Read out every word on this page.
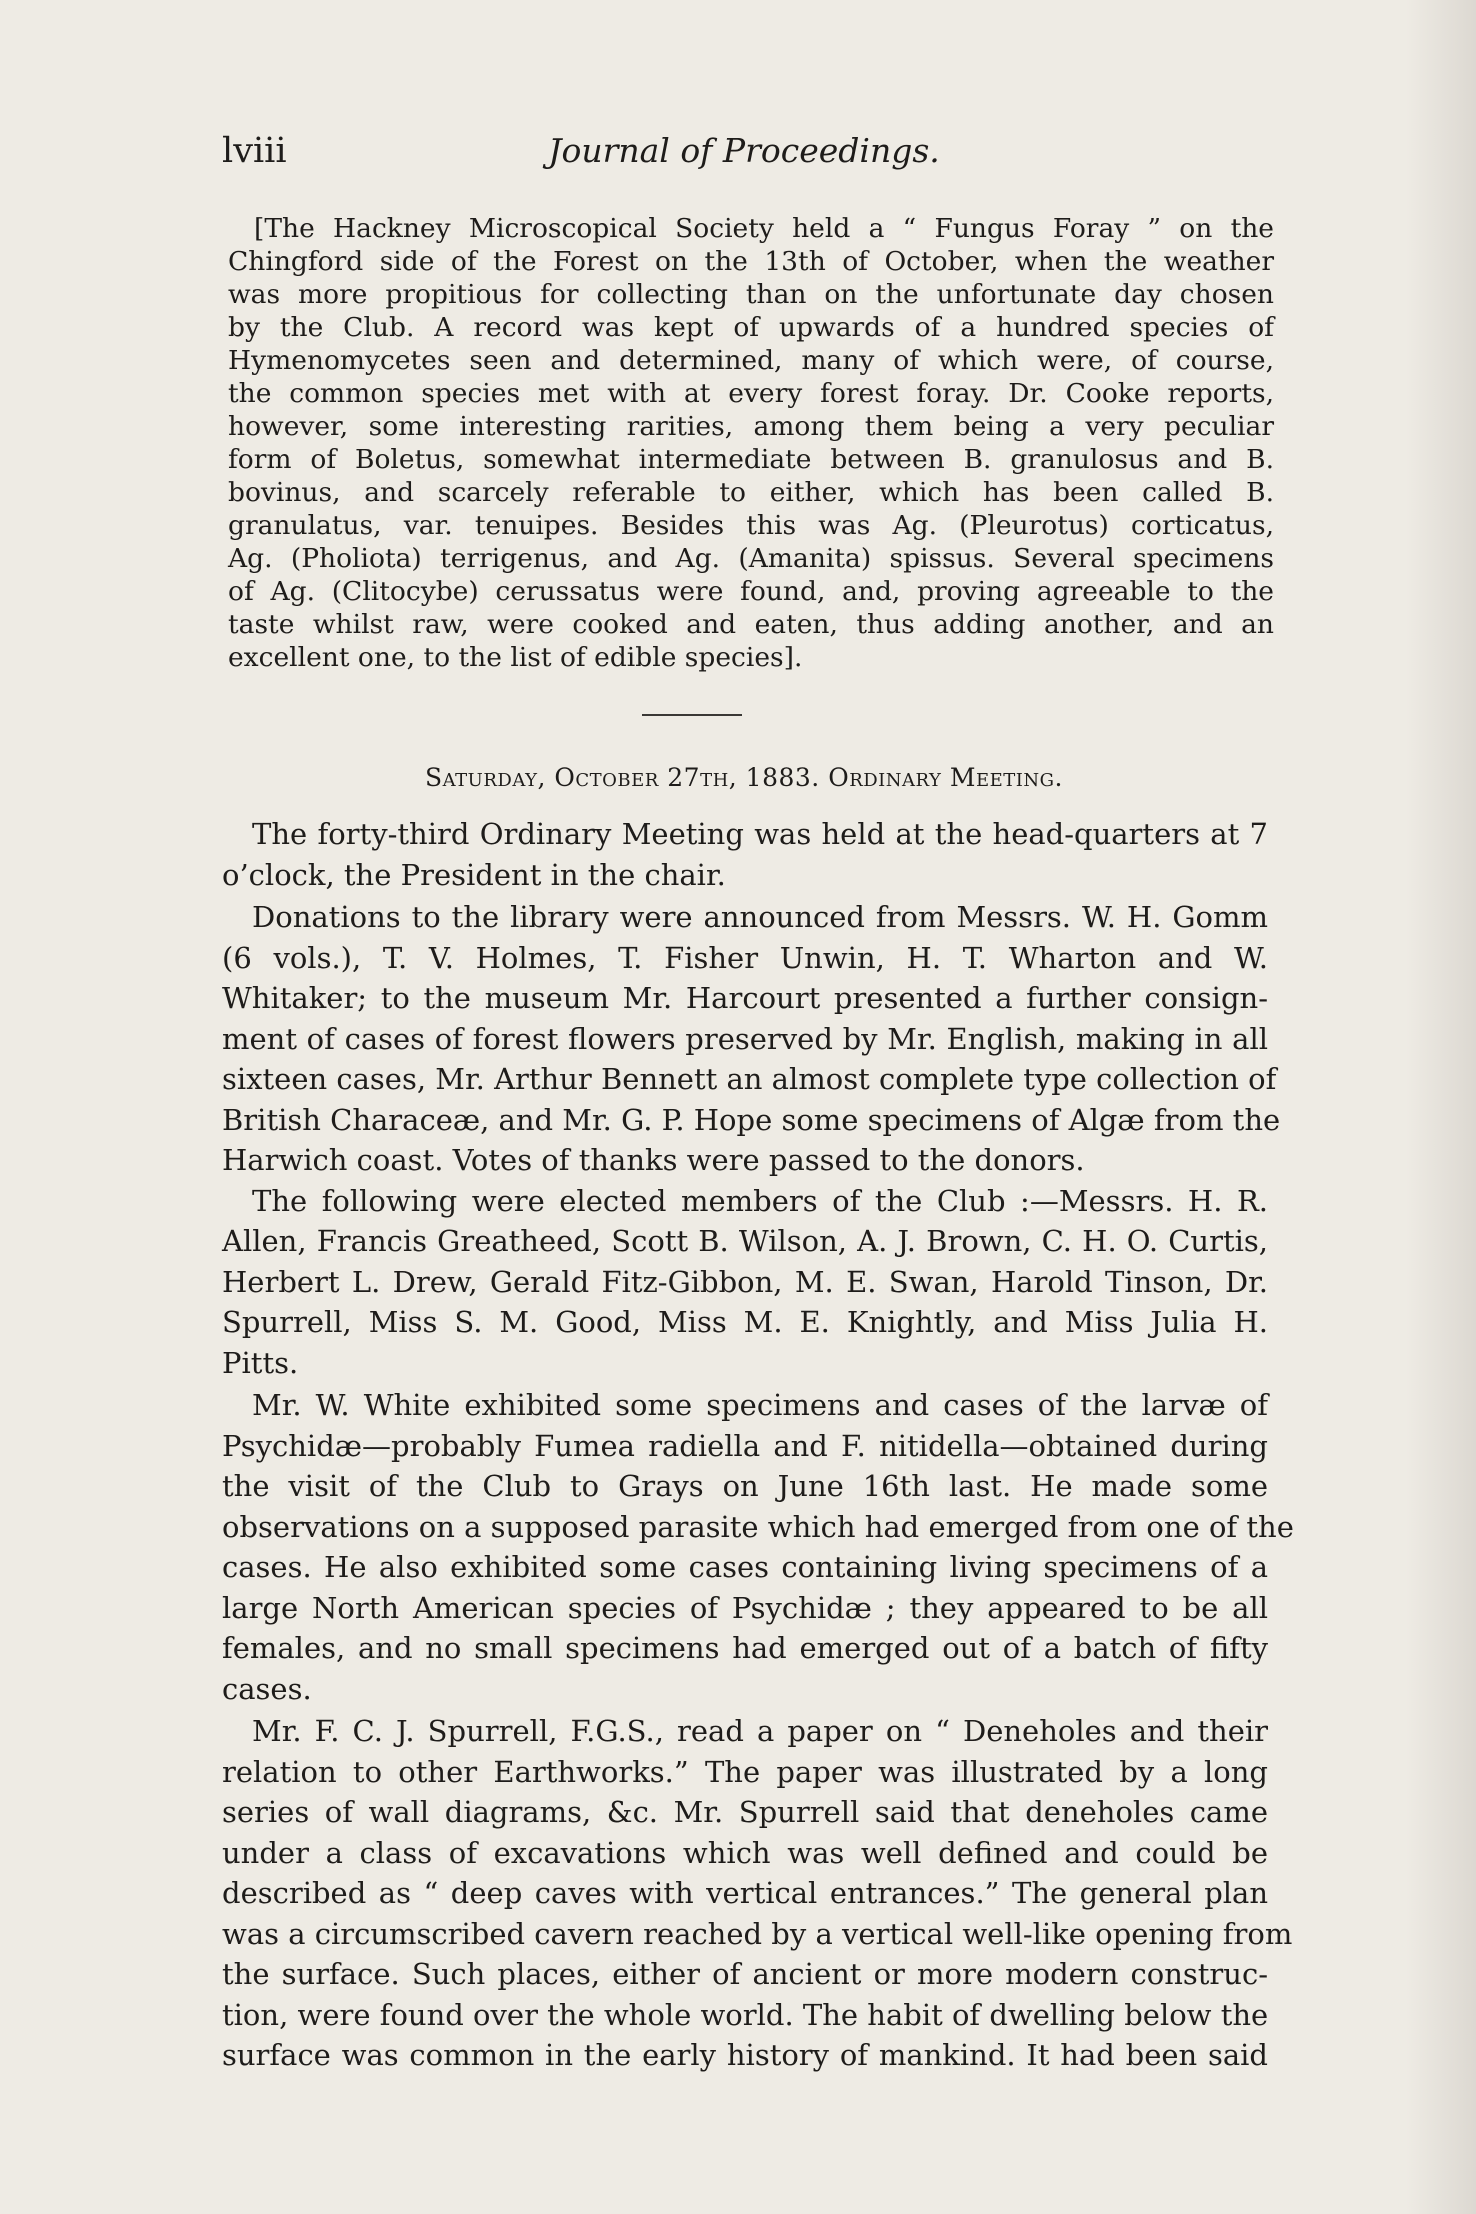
lviii	Journal of Proceedings.
[The Hackney Microscopical Society held a “ Fungus Foray ” on the
Chingford side of the Forest on the 13th of October, when the weather
was more propitious for collecting than on the unfortunate day chosen
by the Club. A record was kept of upwards of a hundred species of
Hymenomycetes seen and determined, many of which were, of course,
the common species met with at every forest foray. Dr. Cooke reports,
however, some interesting rarities, among them being a very peculiar
form of Boletus, somewhat intermediate between B. granulosus and B.
bovinus, and scarcely referable to either, which has been called B.
granulatus, var. tenuipes. Besides this was Ag. (Pleurotus) corticatus,
Ag. (Pholiota) terrigenus, and Ag. (Amanita) spissus. Several specimens
of Ag. (Clitocybe) cerussatus were found, and, proving agreeable to the
taste whilst raw, were cooked and eaten, thus adding another, and an
excellent one, to the list of edible species].
Saturday, October 27th, 1883. Ordinary Meeting.
The forty-third Ordinary Meeting was held at the head-quarters at 7
o’clock, the President in the chair.
Donations to the library were announced from Messrs. W. H. Gomm
(6 vols.), T. V. Holmes, T. Fisher Unwin, H. T. Wharton and W.
Whitaker; to the museum Mr. Harcourt presented a further consign-
ment of cases of forest flowers preserved by Mr. English, making in all
sixteen cases, Mr. Arthur Bennett an almost complete type collection of
British Characeæ, and Mr. G. P. Hope some specimens of Algæ from the
Harwich coast. Votes of thanks were passed to the donors.
The following were elected members of the Club :—Messrs. H. R.
Allen, Francis Greatheed, Scott B. Wilson, A. J. Brown, C. H. O. Curtis,
Herbert L. Drew, Gerald Fitz-Gibbon, M. E. Swan, Harold Tinson, Dr.
Spurrell, Miss S. M. Good, Miss M. E. Knightly, and Miss Julia H.
Pitts.
Mr. W. White exhibited some specimens and cases of the larvæ of
Psychidæ—probably Fumea radiella and F. nitidella—obtained during
the visit of the Club to Grays on June 16th last. He made some
observations on a supposed parasite which had emerged from one of the
cases. He also exhibited some cases containing living specimens of a
large North American species of Psychidæ ; they appeared to be all
females, and no small specimens had emerged out of a batch of fifty
cases.
Mr. F. C. J. Spurrell, F.G.S., read a paper on “ Deneholes and their
relation to other Earthworks.” The paper was illustrated by a long
series of wall diagrams, &c. Mr. Spurrell said that deneholes came
under a class of excavations which was well defined and could be
described as “ deep caves with vertical entrances.” The general plan
was a circumscribed cavern reached by a vertical well-like opening from
the surface. Such places, either of ancient or more modern construc-
tion, were found over the whole world. The habit of dwelling below the
surface was common in the early history of mankind. It had been said
